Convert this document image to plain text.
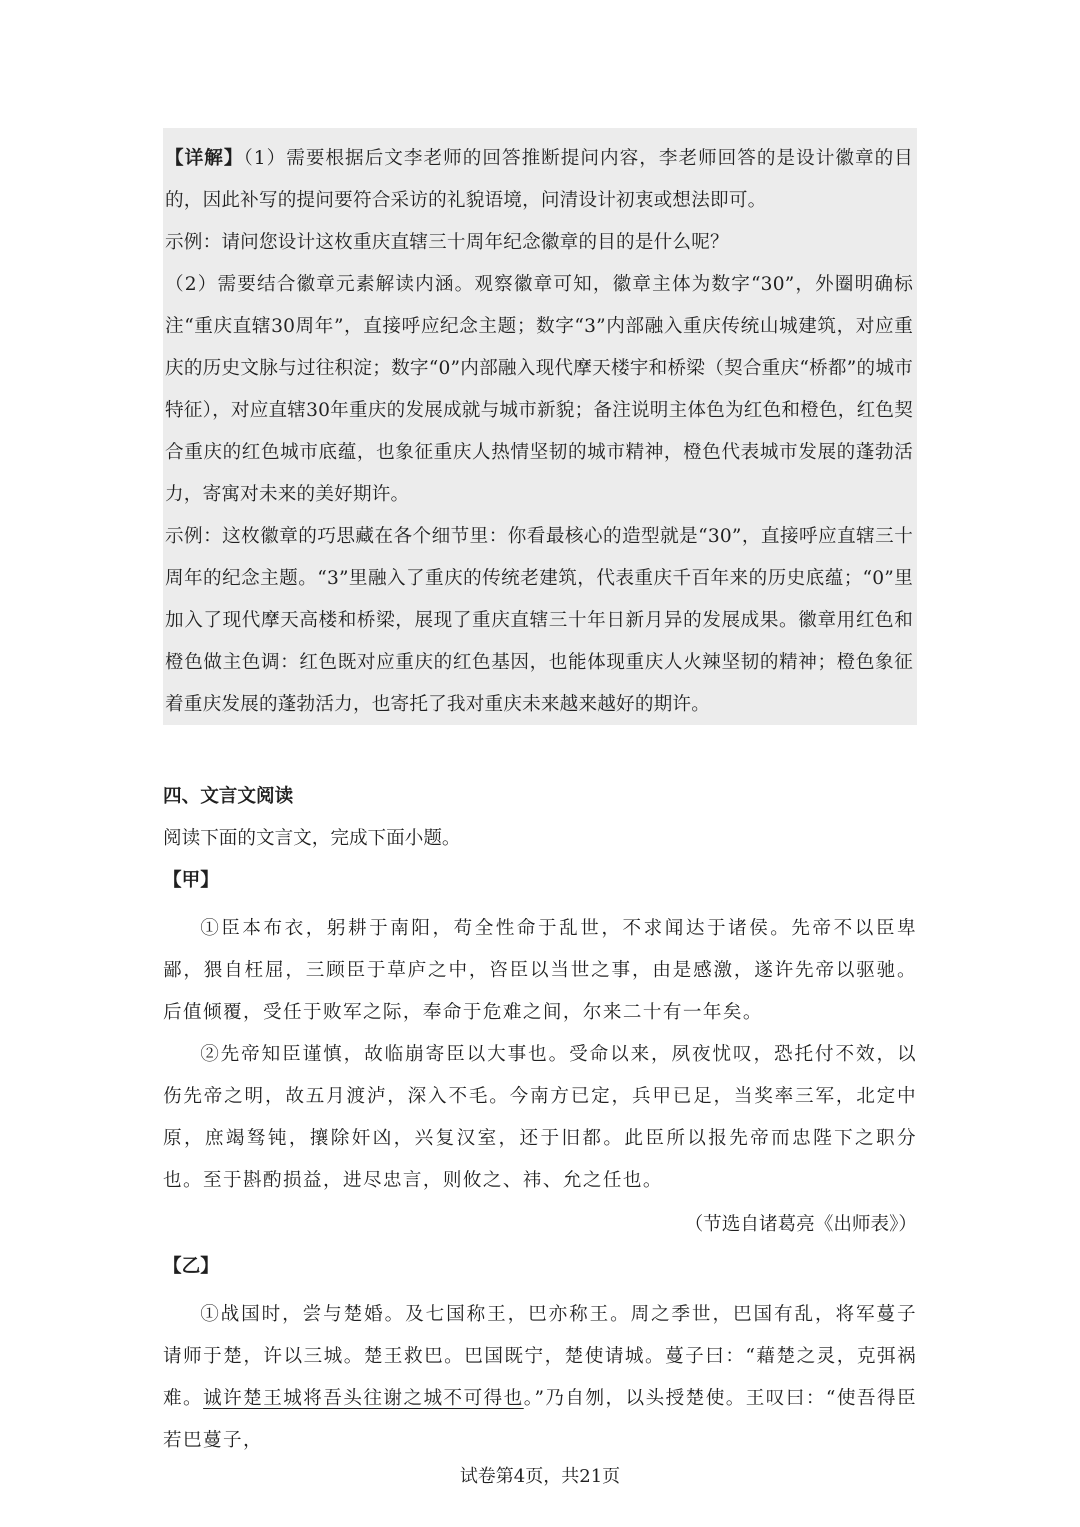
【详解】（1）需要根据后文李老师的回答推断提问内容，李老师回答的是设计徽章的目的，因此补写的提问要符合采访的礼貌语境，问清设计初衷或想法即可。

示例：请问您设计这枚重庆直辖三十周年纪念徽章的目的是什么呢？

（2）需要结合徽章元素解读内涵。观察徽章可知，徽章主体为数字“30”，外圈明确标注“重庆直辖30周年”，直接呼应纪念主题；数字“3”内部融入重庆传统山城建筑，对应重庆的历史文脉与过往积淀；数字“0”内部融入现代摩天楼宇和桥梁（契合重庆“桥都”的城市特征），对应直辖30年重庆的发展成就与城市新貌；备注说明主体色为红色和橙色，红色契合重庆的红色城市底蕴，也象征重庆人热情坚韧的城市精神，橙色代表城市发展的蓬勃活力，寄寓对未来的美好期许。

示例：这枚徽章的巧思藏在各个细节里：你看最核心的造型就是“30”，直接呼应直辖三十周年的纪念主题。“3”里融入了重庆的传统老建筑，代表重庆千百年来的历史底蕴；“0”里加入了现代摩天高楼和桥梁，展现了重庆直辖三十年日新月异的发展成果。徽章用红色和橙色做主色调：红色既对应重庆的红色基因，也能体现重庆人火辣坚韧的精神；橙色象征着重庆发展的蓬勃活力，也寄托了我对重庆未来越来越好的期许。

四、文言文阅读
阅读下面的文言文，完成下面小题。
【甲】

①臣本布衣，躬耕于南阳，苟全性命于乱世，不求闻达于诸侯。先帝不以臣卑鄙，猥自枉屈，三顾臣于草庐之中，咨臣以当世之事，由是感激，遂许先帝以驱驰。后值倾覆，受任于败军之际，奉命于危难之间，尔来二十有一年矣。

②先帝知臣谨慎，故临崩寄臣以大事也。受命以来，夙夜忧叹，恐托付不效，以伤先帝之明，故五月渡泸，深入不毛。今南方已定，兵甲已足，当奖率三军，北定中原，庶竭驽钝，攘除奸凶，兴复汉室，还于旧都。此臣所以报先帝而忠陛下之职分也。至于斟酌损益，进尽忠言，则攸之、祎、允之任也。

（节选自诸葛亮《出师表》）

【乙】

①战国时，尝与楚婚。及七国称王，巴亦称王。周之季世，巴国有乱，将军蔓子请师于楚，许以三城。楚王救巴。巴国既宁，楚使请城。蔓子曰：“藉楚之灵，克弭祸难。诚许楚王城将吾头往谢之城不可得也。”乃自刎，以头授楚使。王叹曰：“使吾得臣若巴蔓子，

试卷第4页，共21页
